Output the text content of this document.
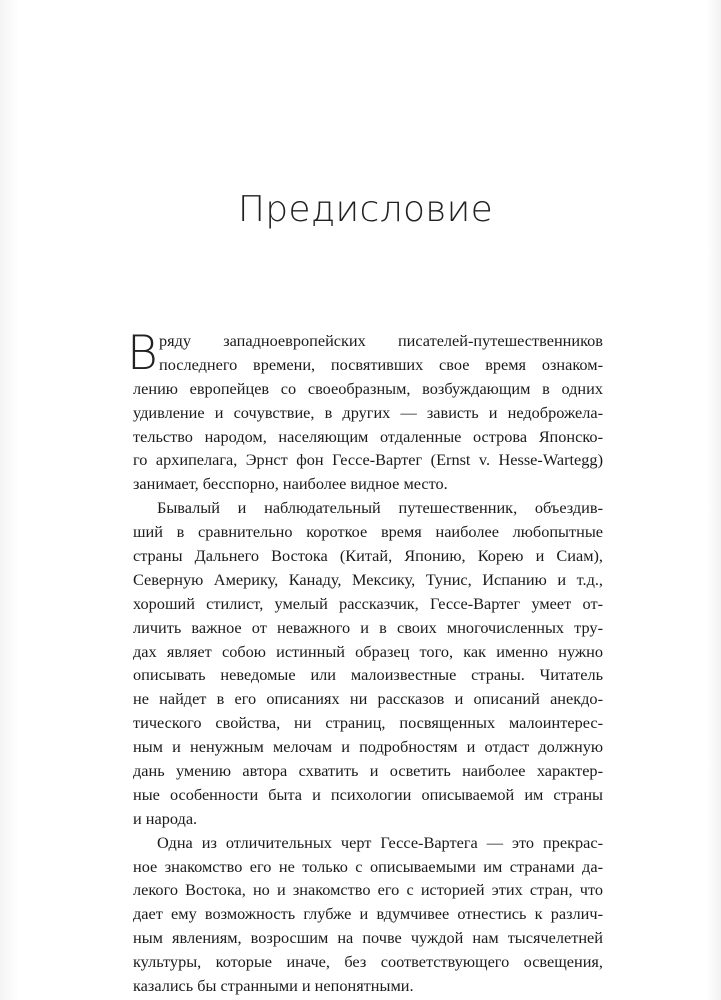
Предисловие
В ряду западноевропейских писателей-путешественников
последнего времени, посвятивших свое время ознаком-
лению европейцев со своеобразным, возбуждающим в одних
удивление и сочувствие, в других — зависть и недоброжела-
тельство народом, населяющим отдаленные острова Японско-
го архипелага, Эрнст фон Гессе-Вартег (Ernst v. Hesse-Wartegg)
занимает, бесспорно, наиболее видное место.
Бывалый и наблюдательный путешественник, объездив-
ший в сравнительно короткое время наиболее любопытные
страны Дальнего Востока (Китай, Японию, Корею и Сиам),
Северную Америку, Канаду, Мексику, Тунис, Испанию и т.д.,
хороший стилист, умелый рассказчик, Гессе-Вартег умеет от-
личить важное от неважного и в своих многочисленных тру-
дах являет собою истинный образец того, как именно нужно
описывать неведомые или малоизвестные страны. Читатель
не найдет в его описаниях ни рассказов и описаний анекдо-
тического свойства, ни страниц, посвященных малоинтерес-
ным и ненужным мелочам и подробностям и отдаст должную
дань умению автора схватить и осветить наиболее характер-
ные особенности быта и психологии описываемой им страны
и народа.
Одна из отличительных черт Гессе-Вартега — это прекрас-
ное знакомство его не только с описываемыми им странами да-
лекого Востока, но и знакомство его с историей этих стран, что
дает ему возможность глубже и вдумчивее отнестись к различ-
ным явлениям, возросшим на почве чуждой нам тысячелетней
культуры, которые иначе, без соответствующего освещения,
казались бы странными и непонятными.
